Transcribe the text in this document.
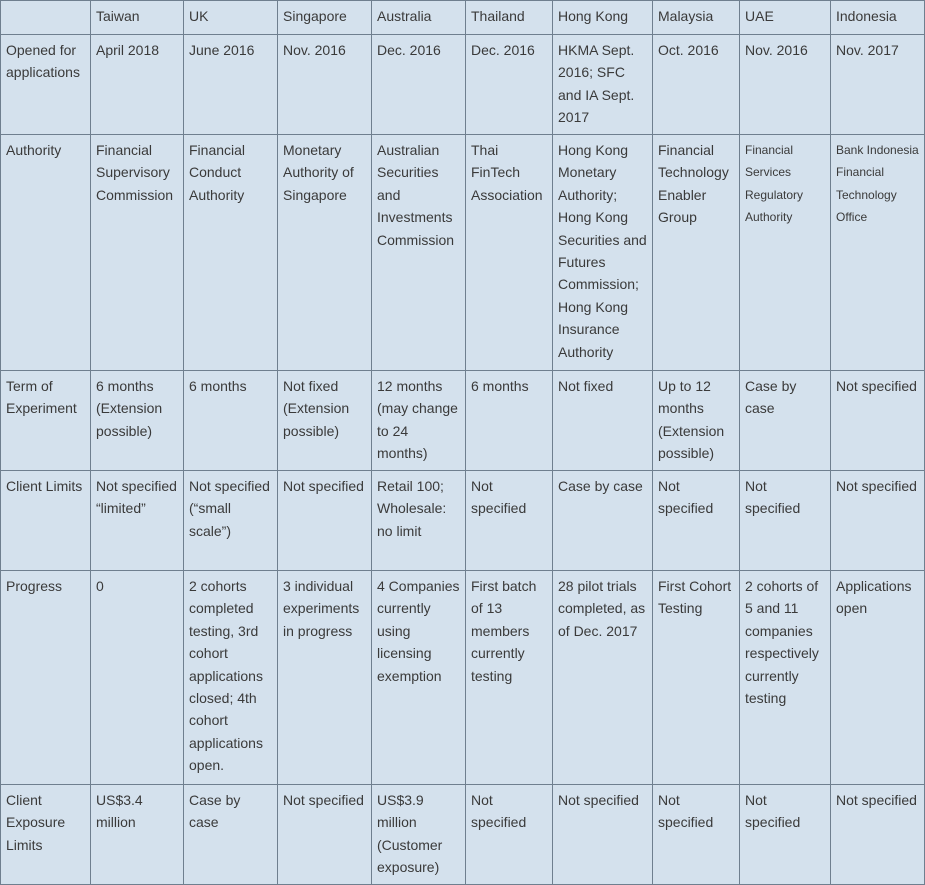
	Taiwan	UK	Singapore	Australia	Thailand	Hong Kong	Malaysia	UAE	Indonesia
Opened for applications	April 2018	June 2016	Nov. 2016	Dec. 2016	Dec. 2016	HKMA Sept. 2016; SFC and IA Sept. 2017	Oct. 2016	Nov. 2016	Nov. 2017
Authority	Financial Supervisory Commission	Financial Conduct Authority	Monetary Authority of Singapore	Australian Securities and Investments Commission	Thai FinTech Association	Hong Kong Monetary Authority; Hong Kong Securities and Futures Commission; Hong Kong Insurance Authority	Financial Technology Enabler Group	Financial Services Regulatory Authority	Bank Indonesia Financial Technology Office
Term of Experiment	6 months (Extension possible)	6 months	Not fixed (Extension possible)	12 months (may change to 24 months)	6 months	Not fixed	Up to 12 months (Extension possible)	Case by case	Not specified
Client Limits	Not specified “limited”	Not specified (“small scale”)	Not specified	Retail 100; Wholesale: no limit	Not specified	Case by case	Not specified	Not specified	Not specified
Progress	0	2 cohorts completed testing, 3rd cohort applications closed; 4th cohort applications open.	3 individual experiments in progress	4 Companies currently using licensing exemption	First batch of 13 members currently testing	28 pilot trials completed, as of Dec. 2017	First Cohort Testing	2 cohorts of 5 and 11 companies respectively currently testing	Applications open
Client Exposure Limits	US$3.4 million	Case by case	Not specified	US$3.9 million (Customer exposure)	Not specified	Not specified	Not specified	Not specified	Not specified
